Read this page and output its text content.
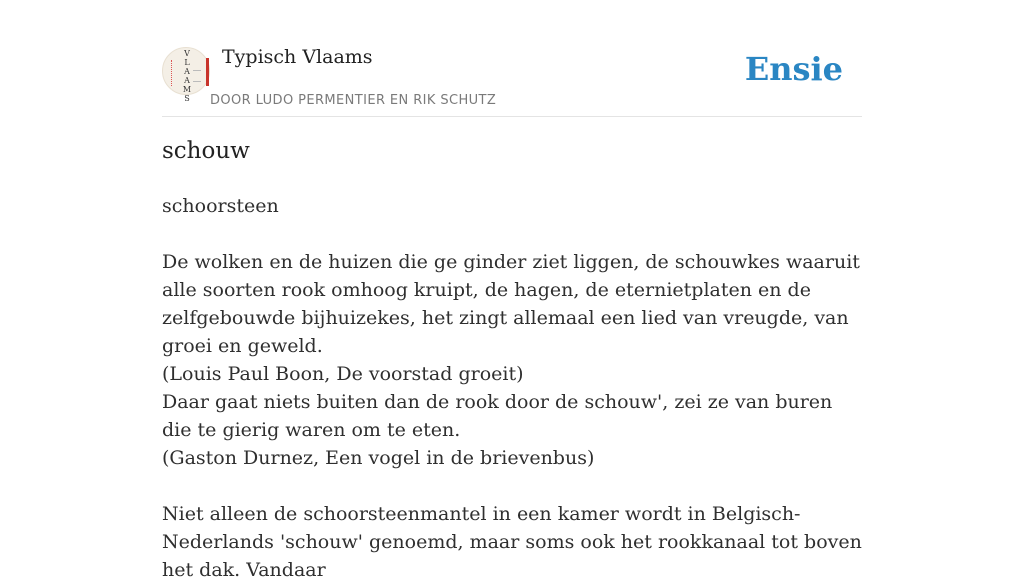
V
L
A
A
M
S
Typisch Vlaams
DOOR LUDO PERMENTIER EN RIK SCHUTZ
Ensie
schouw

schoorsteen

De wolken en de huizen die ge ginder ziet liggen, de schouwkes waaruit alle soorten rook omhoog kruipt, de hagen, de eternietplaten en de zelfgebouwde bijhuizekes, het zingt allemaal een lied van vreugde, van groei en geweld.

(Louis Paul Boon, De voorstad groeit)

Daar gaat niets buiten dan de rook door de schouw', zei ze van buren die te gierig waren om te eten.

(Gaston Durnez, Een vogel in de brievenbus)

Niet alleen de schoorsteenmantel in een kamer wordt in Belgisch-Nederlands 'schouw' genoemd, maar soms ook het rookkanaal tot boven het dak. Vandaar
